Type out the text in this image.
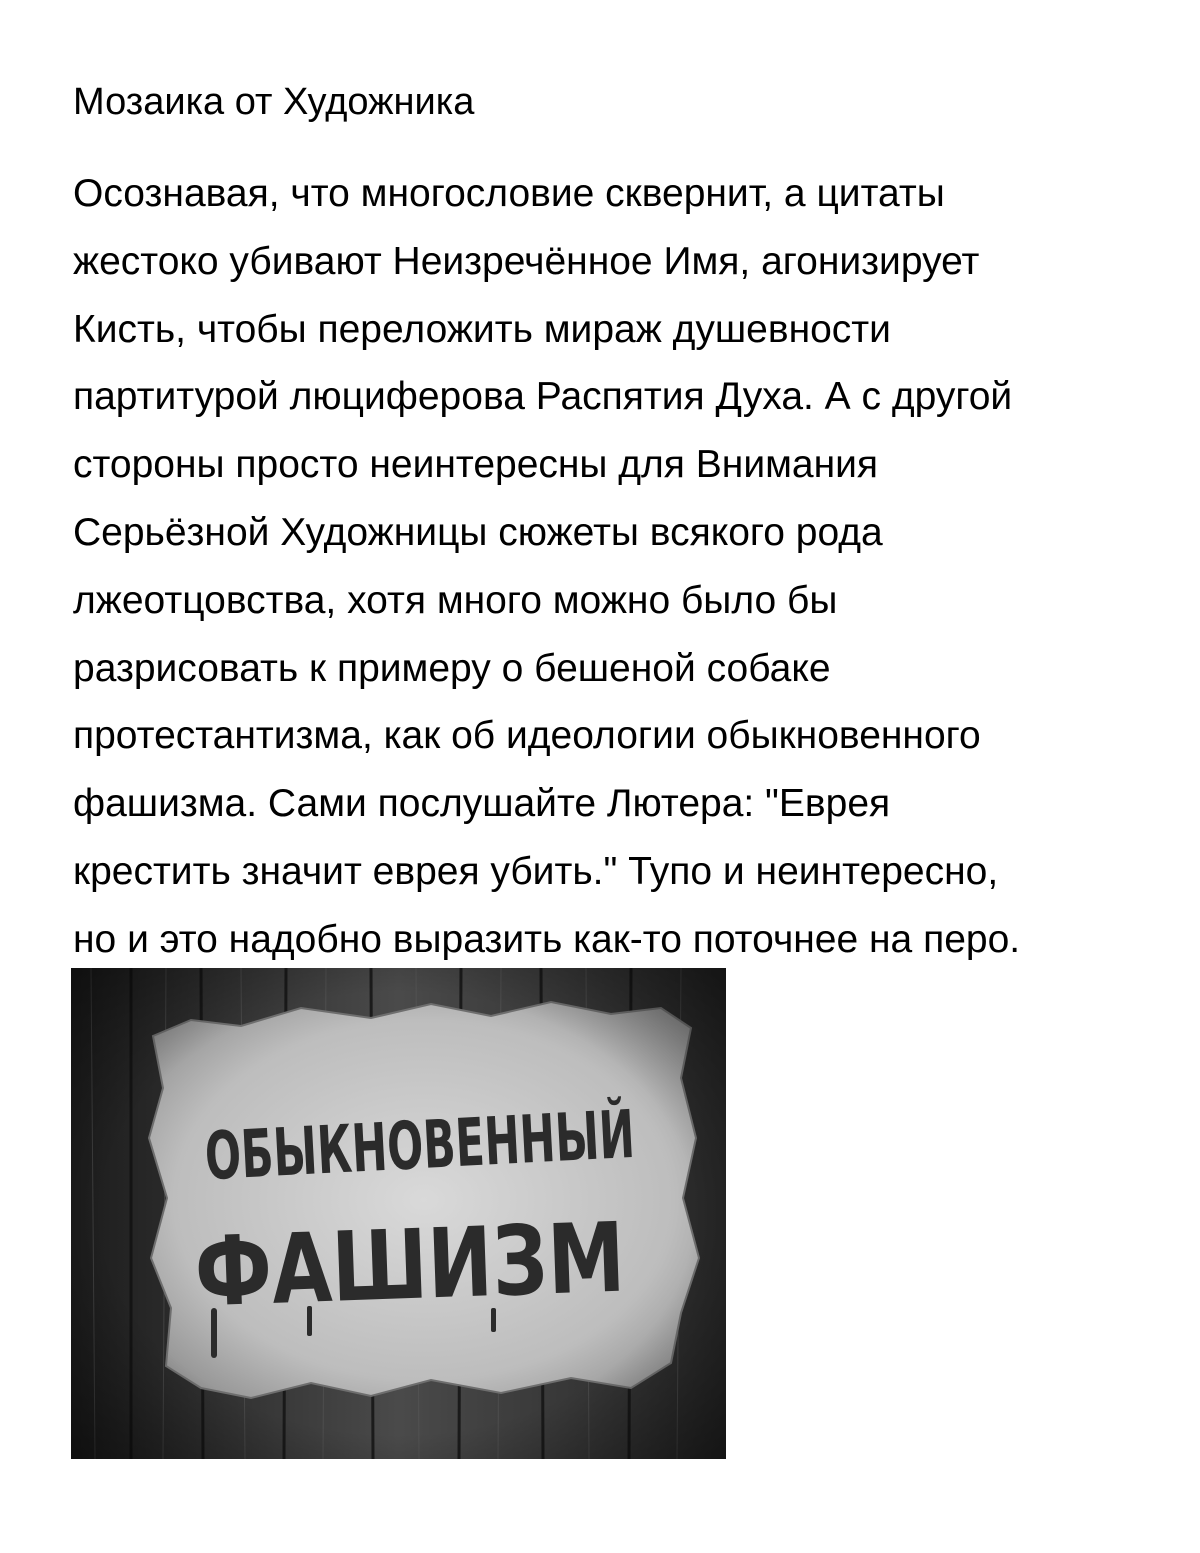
Мозаика от Художника
Осознавая, что многословие сквернит, а цитаты
жестоко убивают Неизречённое Имя, агонизирует
Кисть, чтобы переложить мираж душевности
партитурой люциферова Распятия Духа. А с другой
стороны просто неинтересны для Внимания
Серьёзной Художницы сюжеты всякого рода
лжеотцовства, хотя много можно было бы
разрисовать к примеру о бешеной собаке
протестантизма, как об идеологии обыкновенного
фашизма. Сами послушайте Лютера: "Еврея
крестить значит еврея убить." Тупо и неинтересно,
но и это надобно выразить как-то поточнее на перо.
